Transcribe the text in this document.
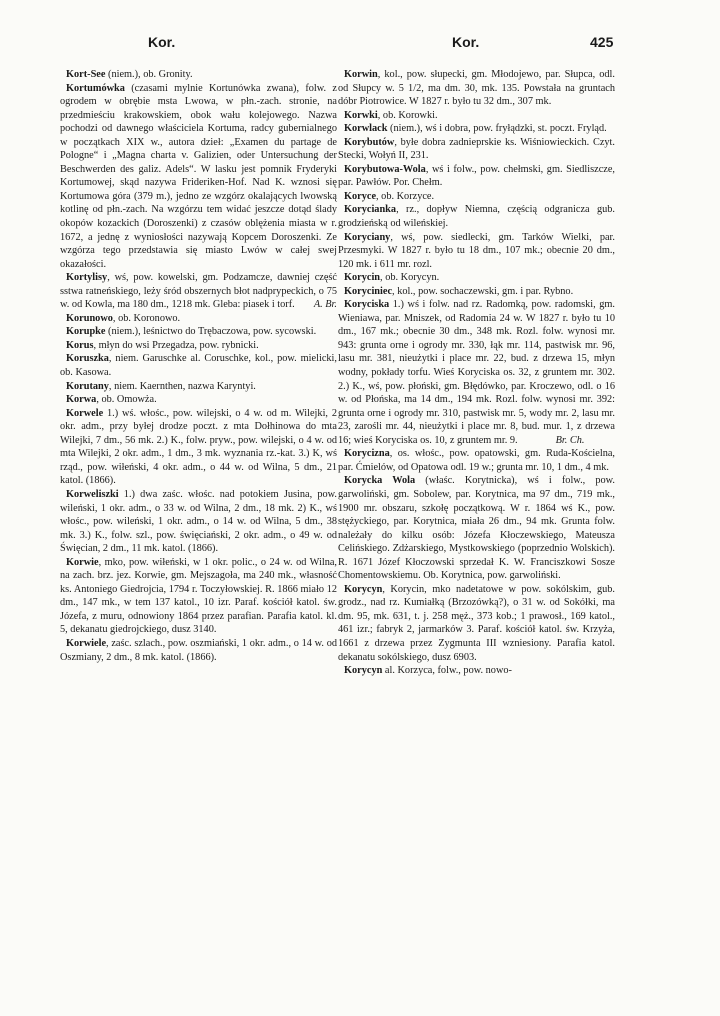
Kor.	Kor.	425

Kort-See (niem.), ob. Gronity.

Kortumówka (czasami mylnie Kortunówka zwana), folw. z ogrodem w obrębie msta Lwowa, w płn.-zach. stronie, na przedmieściu krakowskiem, obok wału kolejowego. Nazwa pochodzi od dawnego właściciela Kortuma, radcy gubernialnego w początkach XIX w., autora dzieł: „Examen du partage de Pologne“ i „Magna charta v. Galizien, oder Untersuchung der Beschwerden des galiz. Adels“. W lasku jest pomnik Fryderyki Kortumowej, skąd nazywa Frideriken-Hof. Nad K. wznosi się Kortumowa góra (379 m.), jedno ze wzgórz okalających lwowską kotlinę od płn.-zach. Na wzgórzu tem widać jeszcze dotąd ślady okopów kozackich (Doroszenki) z czasów oblężenia miasta w r. 1672, a jednę z wyniosłości nazywają Kopcem Doroszenki. Ze wzgórza tego przedstawia się miasto Lwów w całej swej okazałości.

Kortylisy, wś, pow. kowelski, gm. Podzamcze, dawniej część sstwa ratneńskiego, leży śród obszernych błot nadprypeckich, o 75 w. od Kowla, ma 180 dm., 1218 mk. Gleba: piasek i torf.	A. Br.

Korunowo, ob. Koronowo.

Korupke (niem.), leśnictwo do Trębaczowa, pow. sycowski.

Korus, młyn do wsi Przegadza, pow. rybnicki.

Koruszka, niem. Garuschke al. Coruschke, kol., pow. mielicki, ob. Kasowa.

Korutany, niem. Kaernthen, nazwa Karyntyi.

Korwa, ob. Omowża.

Korwele 1.) wś. włośc., pow. wilejski, o 4 w. od m. Wilejki, 2 okr. adm., przy byłej drodze poczt. z mta Dołhinowa do mta Wilejki, 7 dm., 56 mk. 2.) K., folw. pryw., pow. wilejski, o 4 w. od mta Wilejki, 2 okr. adm., 1 dm., 3 mk. wyznania rz.-kat. 3.) K, wś rząd., pow. wiłeński, 4 okr. adm., o 44 w. od Wilna, 5 dm., 21 katol. (1866).

Korweliszki 1.) dwa zaśc. włośc. nad potokiem Jusina, pow. wileński, 1 okr. adm., o 33 w. od Wilna, 2 dm., 18 mk. 2) K., wś włośc., pow. wileński, 1 okr. adm., o 14 w. od Wilna, 5 dm., 38 mk. 3.) K., folw. szl., pow. święciański, 2 okr. adm., o 49 w. od Święcian, 2 dm., 11 mk. katol. (1866).

Korwie, mko, pow. wiłeński, w 1 okr. polic., o 24 w. od Wilna, na zach. brz. jez. Korwie, gm. Mejszagoła, ma 240 mk., własność ks. Antoniego Giedrojcia, 1794 r. Toczyłowskiej. R. 1866 miało 12 dm., 147 mk., w tem 137 katol., 10 izr. Paraf. kościół katol. św. Józefa, z muru, odnowiony 1864 przez parafian. Parafia katol. kl. 5, dekanatu giedrojckiego, dusz 3140.

Korwiele, zaśc. szlach., pow. oszmiański, 1 okr. adm., o 14 w. od Oszmiany, 2 dm., 8 mk. katol. (1866).

Korwin, kol., pow. słupecki, gm. Młodojewo, par. Słupca, odl. od Słupcy w. 5 1/2, ma dm. 30, mk. 135. Powstała na gruntach dóbr Piotrowice. W 1827 r. było tu 32 dm., 307 mk.

Korwki, ob. Korowki.

Korwlack (niem.), wś i dobra, pow. fryłądzki, st. poczt. Fryląd.

Korybutów, byłe dobra zadnieprskie ks. Wiśniowieckich. Czyt. Stecki, Wołyń II, 231.

Korybutowa-Wola, wś i folw., pow. chełmski, gm. Siedliszcze, par. Pawłów. Por. Chełm.

Koryce, ob. Korzyce.

Korycianka, rz., dopływ Niemna, częścią odgranicza gub. grodzieńską od wileńskiej.

Koryciany, wś, pow. siedlecki, gm. Tarków Wielki, par. Przesmyki. W 1827 r. było tu 18 dm., 107 mk.; obecnie 20 dm., 120 mk. i 611 mr. rozl.

Korycin, ob. Korycyn.

Koryciniec, kol., pow. sochaczewski, gm. i par. Rybno.

Koryciska 1.) wś i folw. nad rz. Radomką, pow. radomski, gm. Wieniawa, par. Mniszek, od Radomia 24 w. W 1827 r. było tu 10 dm., 167 mk.; obecnie 30 dm., 348 mk. Rozl. folw. wynosi mr. 943: grunta orne i ogrody mr. 330, łąk mr. 114, pastwisk mr. 96, lasu mr. 381, nieużytki i place mr. 22, bud. z drzewa 15, młyn wodny, pokłady torfu. Wieś Koryciska os. 32, z gruntem mr. 302. 2.) K., wś, pow. płoński, gm. Błędówko, par. Kroczewo, odl. o 16 w. od Płońska, ma 14 dm., 194 mk. Rozl. folw. wynosi mr. 392: grunta orne i ogrody mr. 310, pastwisk mr. 5, wody mr. 2, lasu mr. 23, zarośli mr. 44, nieużytki i place mr. 8, bud. mur. 1, z drzewa 16; wieś Koryciska os. 10, z gruntem mr. 9.	Br. Ch.

Korycizna, os. włośc., pow. opatowski, gm. Ruda-Kościelna, par. Ćmielów, od Opatowa odl. 19 w.; grunta mr. 10, 1 dm., 4 mk.

Korycka Wola (właśc. Korytnicka), wś i folw., pow. garwoliński, gm. Sobolew, par. Korytnica, ma 97 dm., 719 mk., 1900 mr. obszaru, szkołę początkową. W r. 1864 wś K., pow. stężyckiego, par. Korytnica, miała 26 dm., 94 mk. Grunta folw. należały do kilku osób: Józefa Kłoczewskiego, Mateusza Celińskiego. Zdżarskiego, Mystkowskiego (poprzednio Wolskich). R. 1671 Józef Kłoczowski sprzedał K. W. Franciszkowi Sosze Chomentowskiemu. Ob. Korytnica, pow. garwoliński.

Korycyn, Korycin, mko nadetatowe w pow. sokólskim, gub. grodz., nad rz. Kumiałką (Brzozówką?), o 31 w. od Sokółki, ma dm. 95, mk. 631, t. j. 258 męż., 373 kob.; 1 prawosł., 169 katol., 461 izr.; fabryk 2, jarmarków 3. Paraf. kościół katol. św. Krzyża, 1661 z drzewa przez Zygmunta III wzniesiony. Parafia katol. dekanatu sokólskiego, dusz 6903.

Korycyn al. Korzyca, folw., pow. nowo-
